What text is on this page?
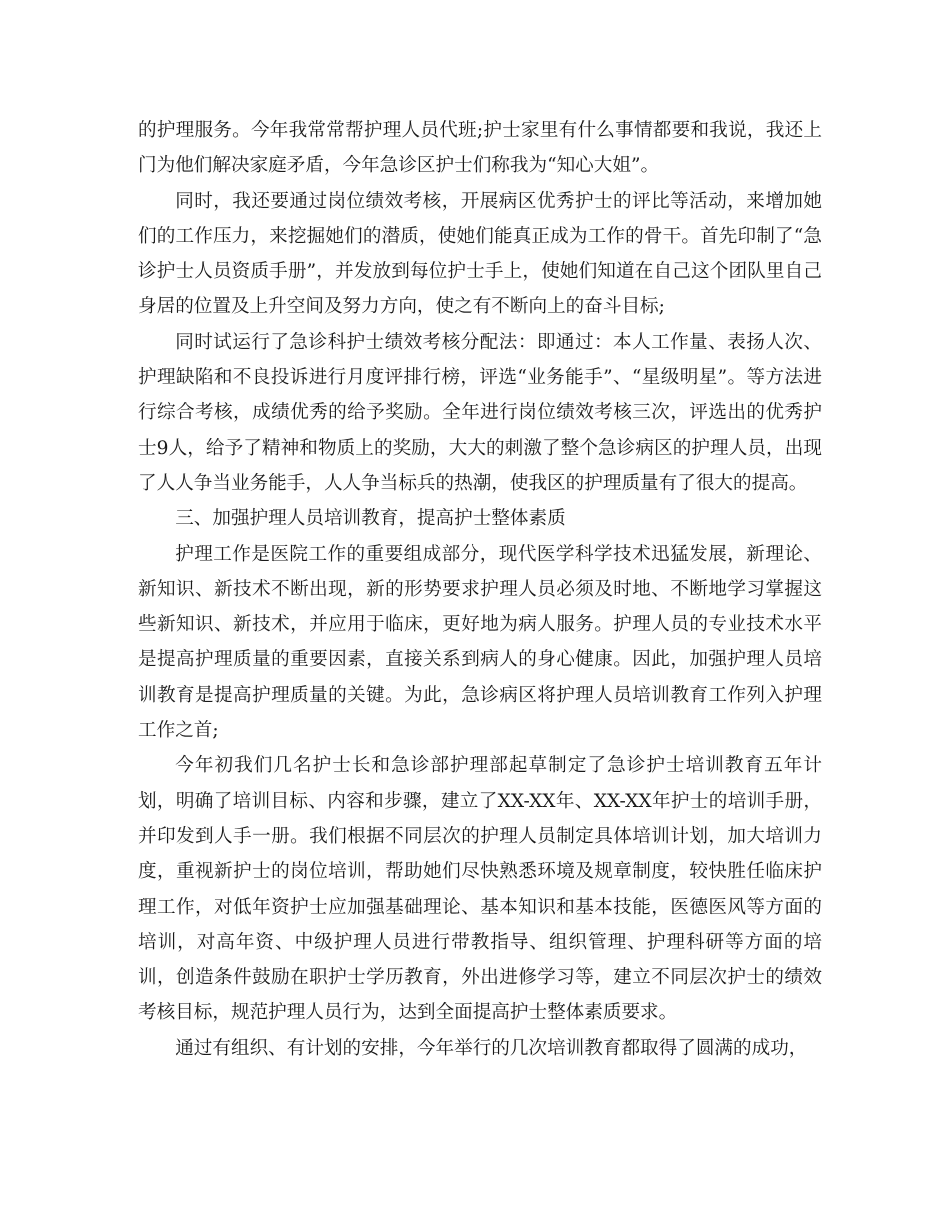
的护理服务。今年我常常帮护理人员代班;护士家里有什么事情都要和我说，我还上门为他们解决家庭矛盾，今年急诊区护士们称我为“知心大姐”。

同时，我还要通过岗位绩效考核，开展病区优秀护士的评比等活动，来增加她们的工作压力，来挖掘她们的潜质，使她们能真正成为工作的骨干。首先印制了“急诊护士人员资质手册”，并发放到每位护士手上，使她们知道在自己这个团队里自己身居的位置及上升空间及努力方向，使之有不断向上的奋斗目标;

同时试运行了急诊科护士绩效考核分配法：即通过：本人工作量、表扬人次、护理缺陷和不良投诉进行月度评排行榜，评选“业务能手”、“星级明星”。等方法进行综合考核，成绩优秀的给予奖励。全年进行岗位绩效考核三次，评选出的优秀护士9人，给予了精神和物质上的奖励，大大的刺激了整个急诊病区的护理人员，出现了人人争当业务能手，人人争当标兵的热潮，使我区的护理质量有了很大的提高。

三、加强护理人员培训教育，提高护士整体素质

护理工作是医院工作的重要组成部分，现代医学科学技术迅猛发展，新理论、新知识、新技术不断出现，新的形势要求护理人员必须及时地、不断地学习掌握这些新知识、新技术，并应用于临床，更好地为病人服务。护理人员的专业技术水平是提高护理质量的重要因素，直接关系到病人的身心健康。因此，加强护理人员培训教育是提高护理质量的关键。为此，急诊病区将护理人员培训教育工作列入护理工作之首;

今年初我们几名护士长和急诊部护理部起草制定了急诊护士培训教育五年计划，明确了培训目标、内容和步骤，建立了XX-XX年、XX-XX年护士的培训手册，并印发到人手一册。我们根据不同层次的护理人员制定具体培训计划，加大培训力度，重视新护士的岗位培训，帮助她们尽快熟悉环境及规章制度，较快胜任临床护理工作，对低年资护士应加强基础理论、基本知识和基本技能，医德医风等方面的培训，对高年资、中级护理人员进行带教指导、组织管理、护理科研等方面的培训，创造条件鼓励在职护士学历教育，外出进修学习等，建立不同层次护士的绩效考核目标，规范护理人员行为，达到全面提高护士整体素质要求。

通过有组织、有计划的安排，今年举行的几次培训教育都取得了圆满的成功，
